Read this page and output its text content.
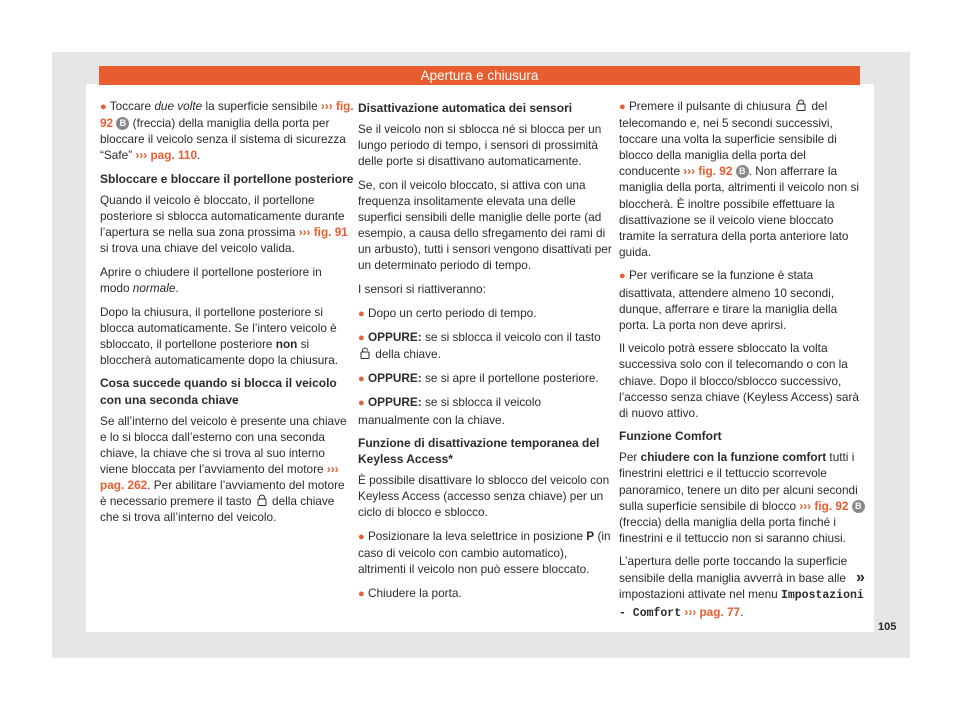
Apertura e chiusura

● Toccare due volte la superficie sensibile ››› fig. 92 B (freccia) della maniglia della porta per bloccare il veicolo senza il sistema di sicurezza “Safe” ››› pag. 110.

Sbloccare e bloccare il portellone posteriore

Quando il veicolo è bloccato, il portellone posteriore si sblocca automaticamente durante l’apertura se nella sua zona prossima ››› fig. 91 si trova una chiave del veicolo valida.

Aprire o chiudere il portellone posteriore in modo normale.

Dopo la chiusura, il portellone posteriore si blocca automaticamente. Se l’intero veicolo è sbloccato, il portellone posteriore non si bloccherà automaticamente dopo la chiusura.

Cosa succede quando si blocca il veicolo con una seconda chiave

Se all’interno del veicolo è presente una chiave e lo si blocca dall’esterno con una seconda chiave, la chiave che si trova al suo interno viene bloccata per l’avviamento del motore ››› pag. 262. Per abilitare l’avviamento del motore è necessario premere il tasto  della chiave che si trova all’interno del veicolo.

Disattivazione automatica dei sensori

Se il veicolo non si sblocca né si blocca per un lungo periodo di tempo, i sensori di prossimità delle porte si disattivano automaticamente.

Se, con il veicolo bloccato, si attiva con una frequenza insolitamente elevata una delle superfici sensibili delle maniglie delle porte (ad esempio, a causa dello sfregamento dei rami di un arbusto), tutti i sensori vengono disattivati per un determinato periodo di tempo.

I sensori si riattiveranno:

● Dopo un certo periodo di tempo.

● OPPURE: se si sblocca il veicolo con il tasto  della chiave.

● OPPURE: se si apre il portellone posteriore.

● OPPURE: se si sblocca il veicolo manualmente con la chiave.

Funzione di disattivazione temporanea del Keyless Access*

È possibile disattivare lo sblocco del veicolo con Keyless Access (accesso senza chiave) per un ciclo di blocco e sblocco.

● Posizionare la leva selettrice in posizione P (in caso di veicolo con cambio automatico), altrimenti il veicolo non può essere bloccato.

● Chiudere la porta.

● Premere il pulsante di chiusura  del telecomando e, nei 5 secondi successivi, toccare una volta la superficie sensibile di blocco della maniglia della porta del conducente ››› fig. 92 B . Non afferrare la maniglia della porta, altrimenti il veicolo non si bloccherà. È inoltre possibile effettuare la disattivazione se il veicolo viene bloccato tramite la serratura della porta anteriore lato guida.

● Per verificare se la funzione è stata disattivata, attendere almeno 10 secondi, dunque, afferrare e tirare la maniglia della porta. La porta non deve aprirsi.

Il veicolo potrà essere sbloccato la volta successiva solo con il telecomando o con la chiave. Dopo il blocco/sblocco successivo, l’accesso senza chiave (Keyless Access) sarà di nuovo attivo.

Funzione Comfort

Per chiudere con la funzione comfort tutti i finestrini elettrici e il tettuccio scorrevole panoramico, tenere un dito per alcuni secondi sulla superficie sensibile di blocco ››› fig. 92 B (freccia) della maniglia della porta finché i finestrini e il tettuccio non si saranno chiusi.

L’apertura delle porte toccando la superficie sensibile della maniglia avverrà in base alle impostazioni attivate nel menu Impostazioni - Comfort ››› pag. 77.

»
105
